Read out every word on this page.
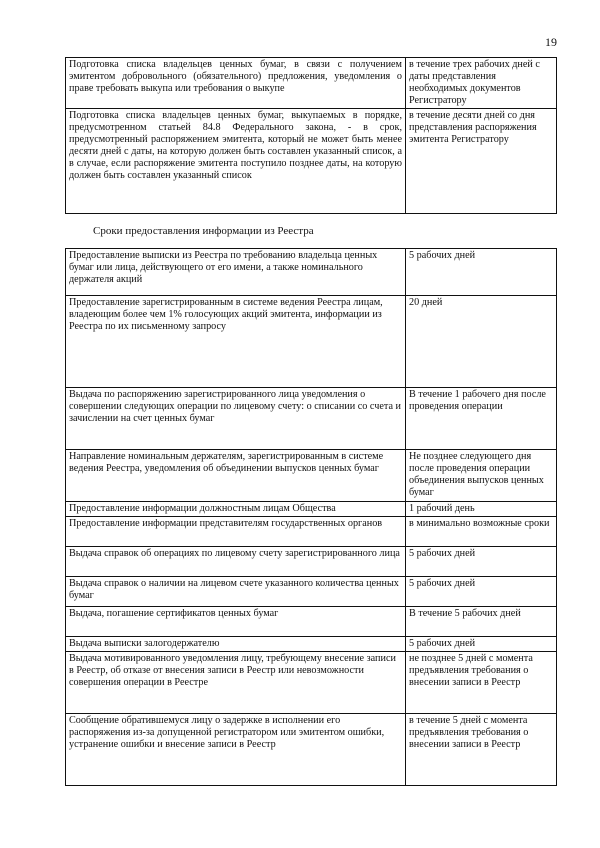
19
Подготовка списка владельцев ценных бумаг, в связи с получением эмитентом добровольного (обязательного) предложения, уведомления о праве требовать выкупа или требования о выкупе	в течение трех рабочих дней с даты представления необходимых документов Регистратору
Подготовка списка владельцев ценных бумаг, выкупаемых в порядке, предусмотренном статьей 84.8 Федерального закона, - в срок, предусмотренный распоряжением эмитента, который не может быть менее десяти дней с даты, на которую должен быть составлен указанный список, а в случае, если распоряжение эмитента поступило позднее даты, на которую должен быть составлен указанный список	в течение десяти дней со дня представления распоряжения эмитента Регистратору
Сроки предоставления информации из Реестра
Предоставление выписки из Реестра по требованию владельца ценных бумаг или лица, действующего от его имени, а также номинального держателя акций	5 рабочих дней
Предоставление зарегистрированным в системе ведения Реестра лицам, владеющим более чем 1% голосующих акций эмитента, информации из Реестра по их письменному запросу	20 дней
Выдача по распоряжению зарегистрированного лица уведомления о совершении следующих операции по лицевому счету: о списании со счета и зачислении на счет ценных бумаг	В течение 1 рабочего дня после проведения операции
Направление номинальным держателям, зарегистрированным в системе ведения Реестра, уведомления об объединении выпусков ценных бумаг	Не позднее следующего дня после проведения операции объединения выпусков ценных бумаг
Предоставление информации должностным лицам Общества	1 рабочий день
Предоставление информации представителям государственных органов	в минимально возможные сроки
Выдача справок об операциях по лицевому счету зарегистрированного лица	5 рабочих дней
Выдача справок о наличии на лицевом счете указанного количества ценных бумаг	5 рабочих дней
Выдача, погашение сертификатов ценных бумаг	В течение 5 рабочих дней
Выдача выписки залогодержателю	5 рабочих дней
Выдача мотивированного уведомления лицу, требующему внесение записи в Реестр, об отказе от внесения записи в Реестр или невозможности совершения операции в Реестре	не позднее 5 дней с момента предъявления требования о внесении записи в Реестр
Сообщение обратившемуся лицу о задержке в исполнении его распоряжения из-за допущенной регистратором или эмитентом ошибки, устранение ошибки и внесение записи в Реестр	в течение 5 дней с момента предъявления требования о внесении записи в Реестр
